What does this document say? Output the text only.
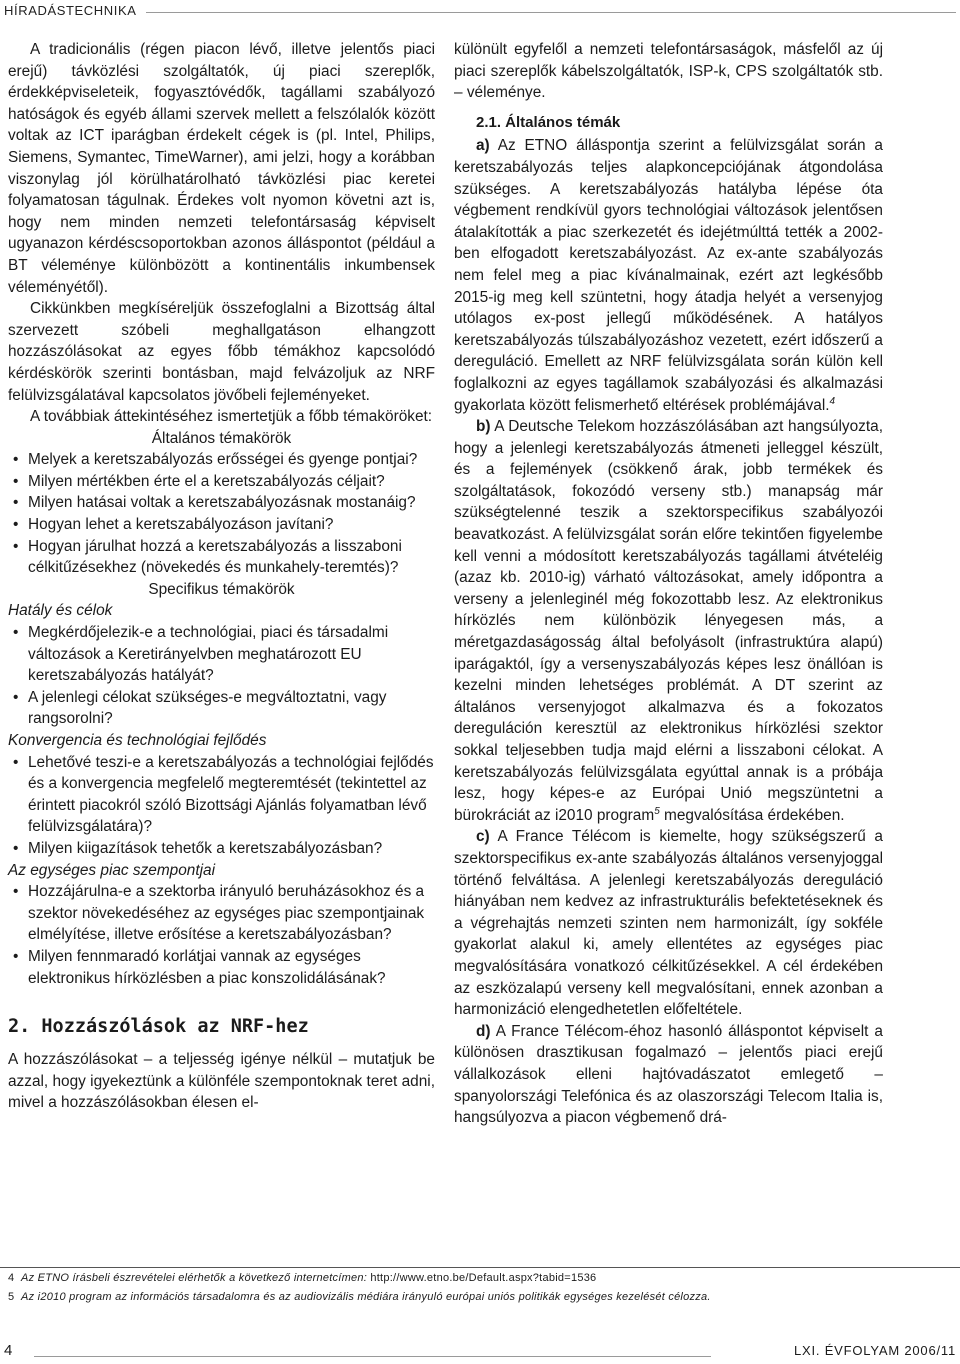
HÍRADÁSTECHNIKA

A tradicionális (régen piacon lévő, illetve jelentős piaci erejű) távközlési szolgáltatók, új piaci szereplők, érdekképviseleteik, fogyasztóvédők, tagállami szabályozó hatóságok és egyéb állami szervek mellett a felszólalók között voltak az ICT iparágban érdekelt cégek is (pl. Intel, Philips, Siemens, Symantec, TimeWarner), ami jelzi, hogy a korábban viszonylag jól körülhatárolható távközlési piac keretei folyamatosan tágulnak. Érdekes volt nyomon követni azt is, hogy nem minden nemzeti telefontársaság képviselt ugyanazon kérdéscsoportokban azonos álláspontot (például a BT véleménye különbözött a kontinentális inkumbensek véleményétől).

Cikkünkben megkíséreljük összefoglalni a Bizottság által szervezett szóbeli meghallgatáson elhangzott hozzászólásokat az egyes főbb témákhoz kapcsolódó kérdéskörök szerinti bontásban, majd felvázoljuk az NRF felülvizsgálatával kapcsolatos jövőbeli fejleményeket.

A továbbiak áttekintéséhez ismertetjük a főbb témaköröket:

Általános témakörök

• Melyek a keretszabályozás erősségei és gyenge pontjai?
• Milyen mértékben érte el a keretszabályozás céljait?
• Milyen hatásai voltak a keretszabályozásnak mostanáig?
• Hogyan lehet a keretszabályozáson javítani?
• Hogyan járulhat hozzá a keretszabályozás a lisszaboni célkitűzésekhez (növekedés és munkahely-teremtés)?

Specifikus témakörök

Hatály és célok

• Megkérdőjelezik-e a technológiai, piaci és társadalmi változások a Keretirányelvben meghatározott EU keretszabályozás hatályát?
• A jelenlegi célokat szükséges-e megváltoztatni, vagy rangsorolni?

Konvergencia és technológiai fejlődés

• Lehetővé teszi-e a keretszabályozás a technológiai fejlődés és a konvergencia megfelelő megteremtését (tekintettel az érintett piacokról szóló Bizottsági Ajánlás folyamatban lévő felülvizsgálatára)?
• Milyen kiigazítások tehetők a keretszabályozásban?

Az egységes piac szempontjai

• Hozzájárulna-e a szektorba irányuló beruházásokhoz és a szektor növekedéséhez az egységes piac szempontjainak elmélyítése, illetve erősítése a keretszabályozásban?
• Milyen fennmaradó korlátjai vannak az egységes elektronikus hírközlésben a piac konszolidálásának?
2. Hozzászólások az NRF-hez

A hozzászólásokat – a teljesség igénye nélkül – mutatjuk be azzal, hogy igyekeztünk a különféle szempontoknak teret adni, mivel a hozzászólásokban élesen el-

különült egyfelől a nemzeti telefontársaságok, másfelől az új piaci szereplők kábelszolgáltatók, ISP-k, CPS szolgáltatók stb. – véleménye.

2.1. Általános témák

a) Az ETNO álláspontja szerint a felülvizsgálat során a keretszabályozás teljes alapkoncepciójának átgondolása szükséges. A keretszabályozás hatályba lépése óta végbement rendkívül gyors technológiai változások jelentősen átalakították a piac szerkezetét és idejétmúlttá tették a 2002-ben elfogadott keretszabályozást. Az ex-ante szabályozás nem felel meg a piac kívánalmainak, ezért azt legkésőbb 2015-ig meg kell szüntetni, hogy átadja helyét a versenyjog utólagos ex-post jellegű működésének. A hatályos keretszabályozás túlszabályozáshoz vezetett, ezért időszerű a dereguláció. Emellett az NRF felülvizsgálata során külön kell foglalkozni az egyes tagállamok szabályozási és alkalmazási gyakorlata között felismerhető eltérések problémájával.$^4$

b) A Deutsche Telekom hozzászólásában azt hangsúlyozta, hogy a jelenlegi keretszabályozás átmeneti jelleggel készült, és a fejlemények (csökkenő árak, jobb termékek és szolgáltatások, fokozódó verseny stb.) manapság már szükségtelenné teszik a szektorspecifikus szabályozói beavatkozást. A felülvizsgálat során előre tekintően figyelembe kell venni a módosított keretszabályozás tagállami átvételéig (azaz kb. 2010-ig) várható változásokat, amely időpontra a verseny a jelenleginél még fokozottabb lesz. Az elektronikus hírközlés nem különbözik lényegesen más, a méretgazdaságosság által befolyásolt (infrastruktúra alapú) iparágaktól, így a versenyszabályozás képes lesz önállóan is kezelni minden lehetséges problémát. A DT szerint az általános versenyjogot alkalmazva és a fokozatos dereguláción keresztül az elektronikus hírközlési szektor sokkal teljesebben tudja majd elérni a lisszaboni célokat. A keretszabályozás felülvizsgálata egyúttal annak is a próbája lesz, hogy képes-e az Európai Unió megszüntetni a bürokráciát az i2010 program$^5$ megvalósítása érdekében.

c) A France Télécom is kiemelte, hogy szükségszerű a szektorspecifikus ex-ante szabályozás általános versenyjoggal történő felváltása. A jelenlegi keretszabályozás dereguláció hiányában nem kedvez az infrastrukturális befektetéseknek és a végrehajtás nemzeti szinten nem harmonizált, így sokféle gyakorlat alakul ki, amely ellentétes az egységes piac megvalósítására vonatkozó célkitűzésekkel. A cél érdekében az eszközalapú verseny kell megvalósítani, ennek azonban a harmonizáció elengedhetetlen előfeltétele.

d) A France Télécom-éhoz hasonló álláspontot képviselt a különösen drasztikusan fogalmazó – jelentős piaci erejű vállalkozások elleni hajtóvadászatot emlegető – spanyolországi Telefónica és az olaszországi Telecom Italia is, hangsúlyozva a piacon végbemenő drá-

4 Az ETNO írásbeli észrevételei elérhetők a következő internetcímen: http://www.etno.be/Default.aspx?tabid=1536
5 Az i2010 program az információs társadalomra és az audiovizális médiára irányuló európai uniós politikák egységes kezelését célozza.
4	LXI. ÉVFOLYAM 2006/11
